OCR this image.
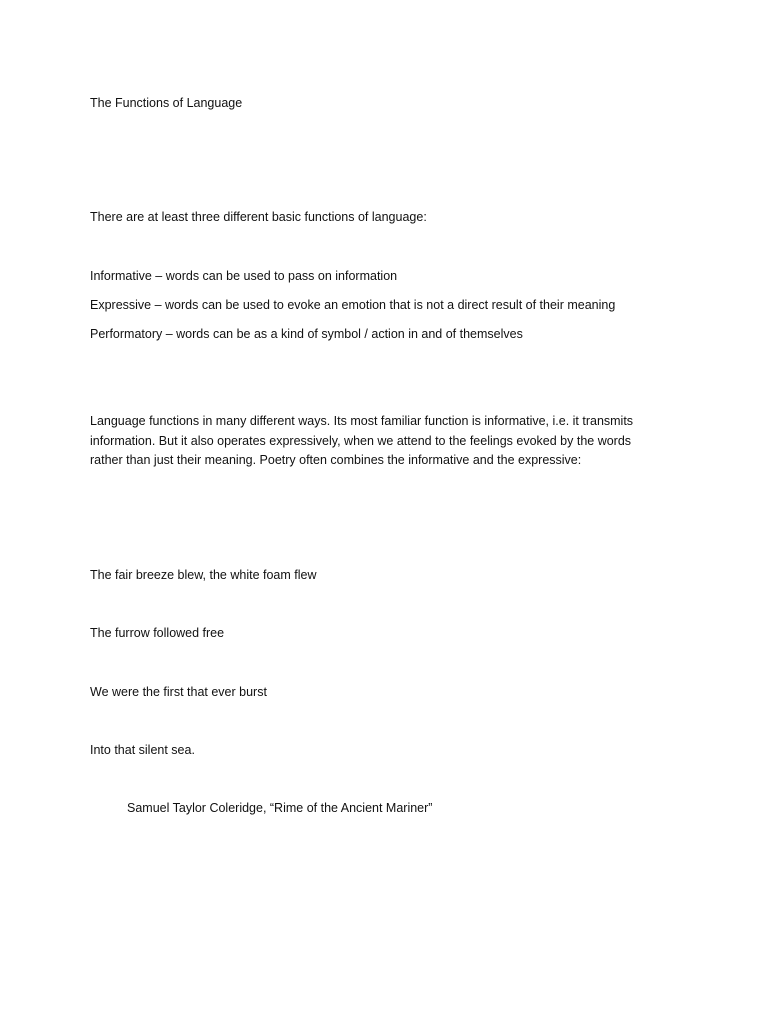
The Functions of Language

There are at least three different basic functions of language:

Informative – words can be used to pass on information

Expressive – words can be used to evoke an emotion that is not a direct result of their meaning

Performatory – words can be as a kind of symbol / action in and of themselves

Language functions in many different ways. Its most familiar function is informative, i.e. it transmits information. But it also operates expressively, when we attend to the feelings evoked by the words rather than just their meaning. Poetry often combines the informative and the expressive:

The fair breeze blew, the white foam flew

The furrow followed free

We were the first that ever burst

Into that silent sea.

Samuel Taylor Coleridge, “Rime of the Ancient Mariner”
